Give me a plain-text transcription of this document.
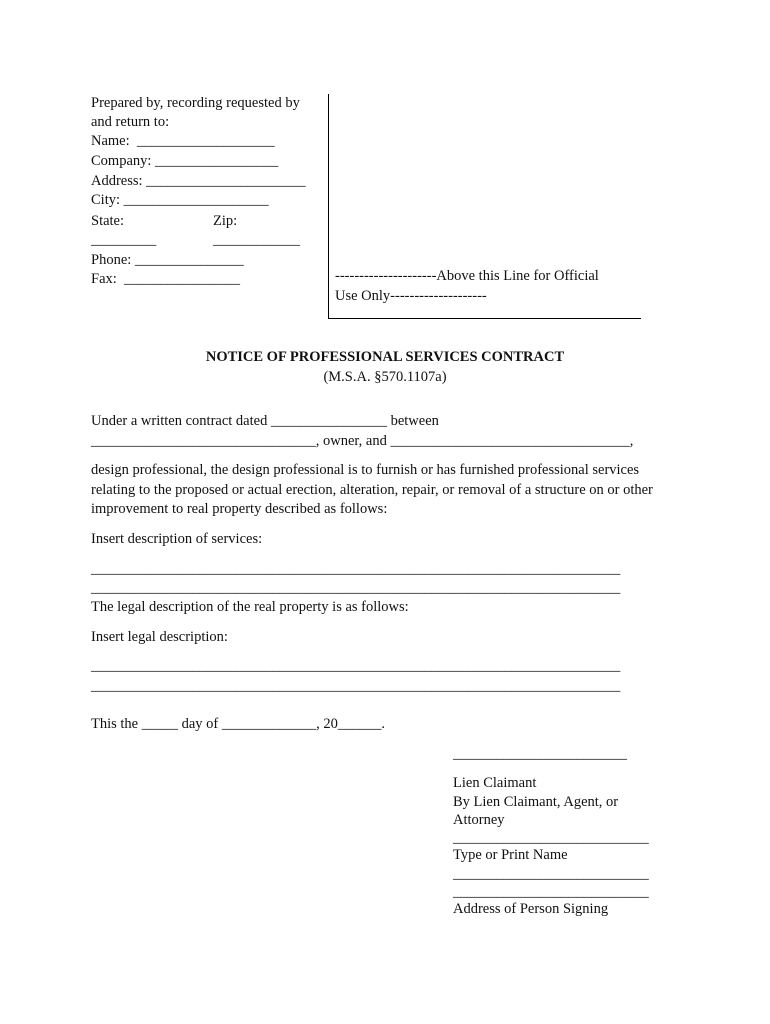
Prepared by, recording requested by
and return to:
Name:  ___________________
Company: _________________
Address: ______________________
City: ____________________
State:	Zip:
_________	____________
Phone: _______________
Fax:  ________________	---------------------Above this Line for Official
Use Only--------------------
NOTICE OF PROFESSIONAL SERVICES CONTRACT
(M.S.A. §570.1107a)
Under a written contract dated ________________ between
_______________________________, owner, and _________________________________,
design professional, the design professional is to furnish or has furnished professional services
relating to the proposed or actual erection, alteration, repair, or removal of a structure on or other
improvement to real property described as follows:
Insert description of services:
_________________________________________________________________________
_________________________________________________________________________
The legal description of the real property is as follows:
Insert legal description:
_________________________________________________________________________
_________________________________________________________________________
This the _____ day of _____________, 20______.
________________________
Lien Claimant
By Lien Claimant, Agent, or
Attorney
___________________________
Type or Print Name
___________________________
___________________________
Address of Person Signing
